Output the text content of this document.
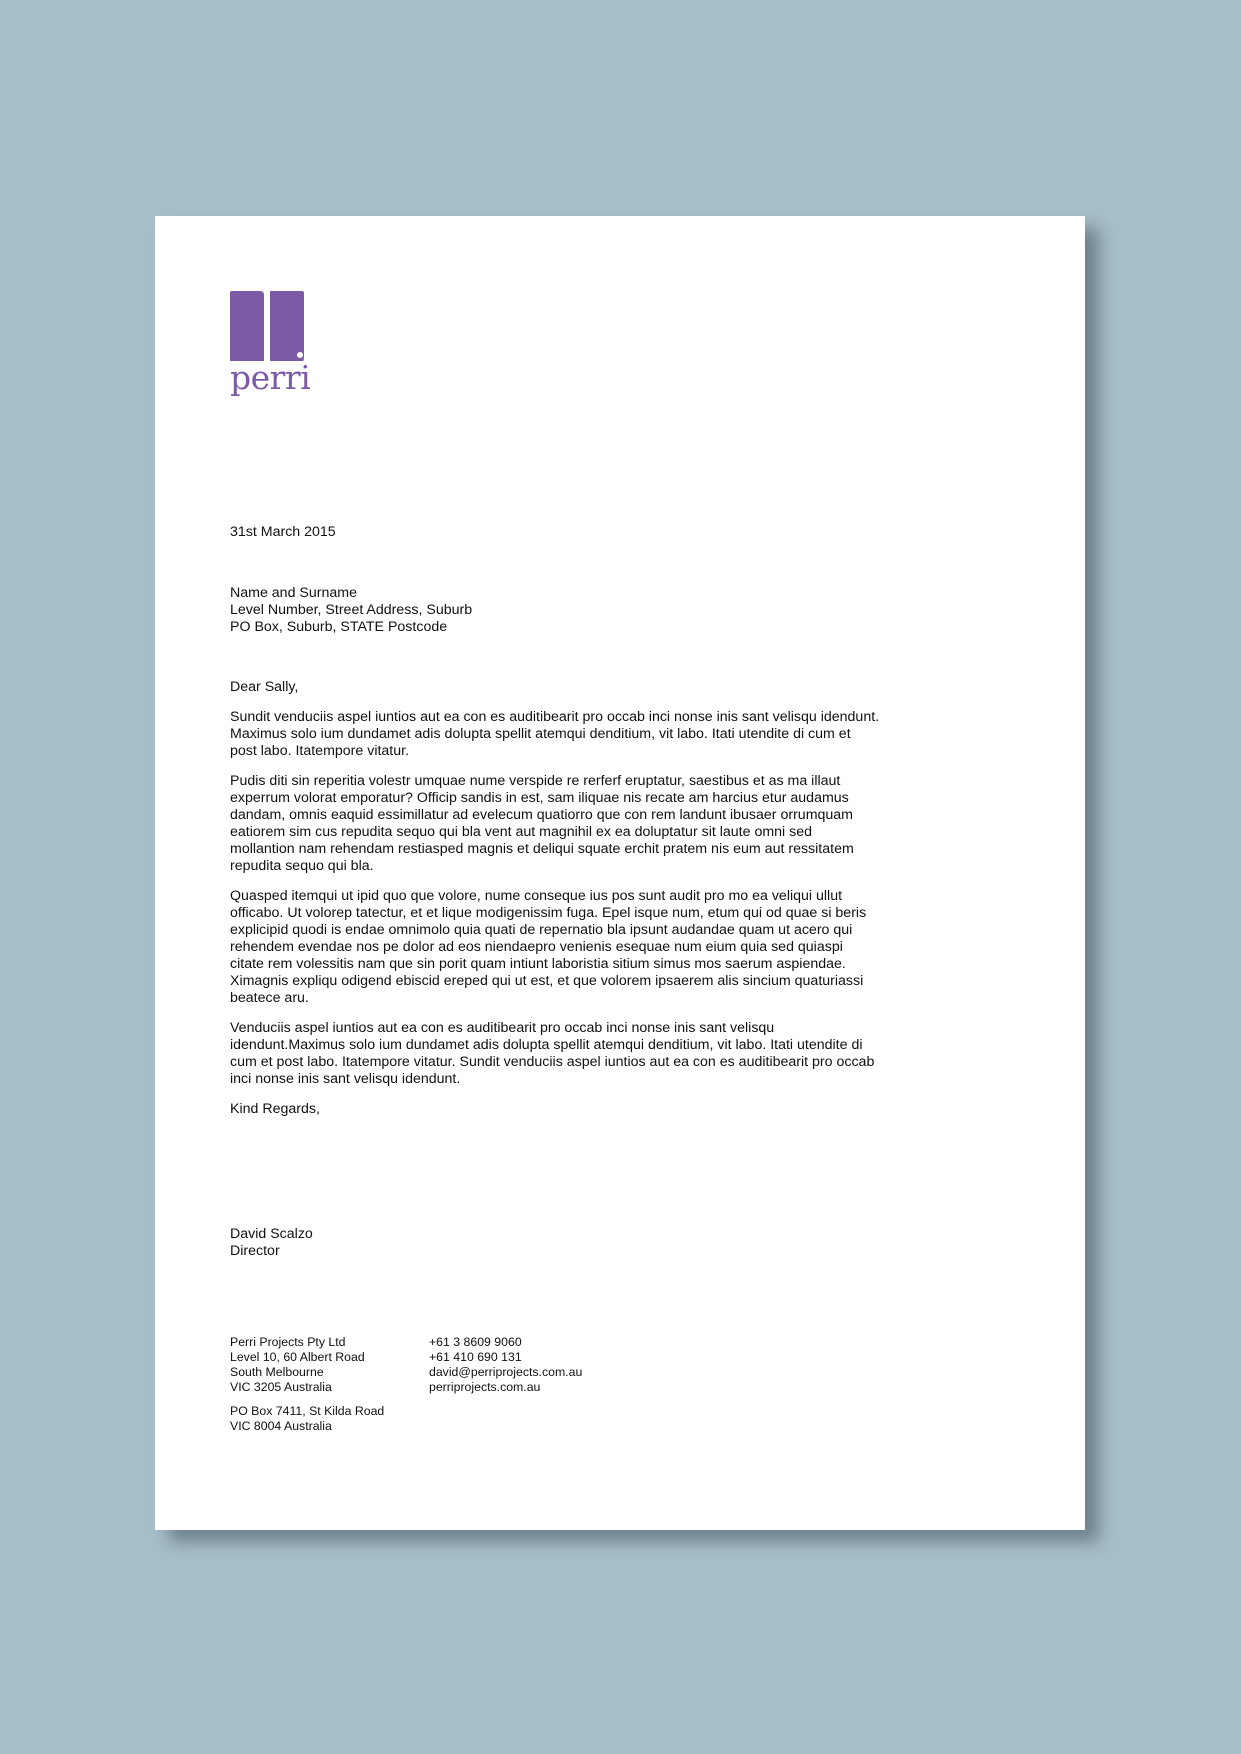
perri
31st March 2015
Name and Surname
Level Number, Street Address, Suburb
PO Box, Suburb, STATE Postcode
Dear Sally,

Sundit venduciis aspel iuntios aut ea con es auditibearit pro occab inci nonse inis sant velisqu idendunt. Maximus solo ium dundamet adis dolupta spellit atemqui denditium, vit labo. Itati utendite di cum et post labo. Itatempore vitatur.

Pudis diti sin reperitia volestr umquae nume verspide re rerferf eruptatur, saestibus et as ma illaut experrum volorat emporatur? Officip sandis in est, sam iliquae nis recate am harcius etur audamus dandam, omnis eaquid essimillatur ad evelecum quatiorro que con rem landunt ibusaer orrumquam eatiorem sim cus repudita sequo qui bla vent aut magnihil ex ea doluptatur sit laute omni sed mollantion nam rehendam restiasped magnis et deliqui squate erchit pratem nis eum aut ressitatem repudita sequo qui bla.

Quasped itemqui ut ipid quo que volore, nume conseque ius pos sunt audit pro mo ea veliqui ullut officabo. Ut volorep tatectur, et et lique modigenissim fuga. Epel isque num, etum qui od quae si beris explicipid quodi is endae omnimolo quia quati de repernatio bla ipsunt audandae quam ut acero qui rehendem evendae nos pe dolor ad eos niendaepro venienis esequae num eium quia sed quiaspi citate rem volessitis nam que sin porit quam intiunt laboristia sitium simus mos saerum aspiendae. Ximagnis expliqu odigend ebiscid ereped qui ut est, et que volorem ipsaerem alis sincium quaturiassi beatece aru.

Venduciis aspel iuntios aut ea con es auditibearit pro occab inci nonse inis sant velisqu idendunt.Maximus solo ium dundamet adis dolupta spellit atemqui denditium, vit labo. Itati utendite di cum et post labo. Itatempore vitatur. Sundit venduciis aspel iuntios aut ea con es auditibearit pro occab inci nonse inis sant velisqu idendunt.

Kind Regards,

David Scalzo
Director
Perri Projects Pty Ltd
Level 10, 60 Albert Road
South Melbourne
VIC 3205 Australia
PO Box 7411, St Kilda Road
VIC 8004 Australia
+61 3 8609 9060
+61 410 690 131
david@perriprojects.com.au
perriprojects.com.au
